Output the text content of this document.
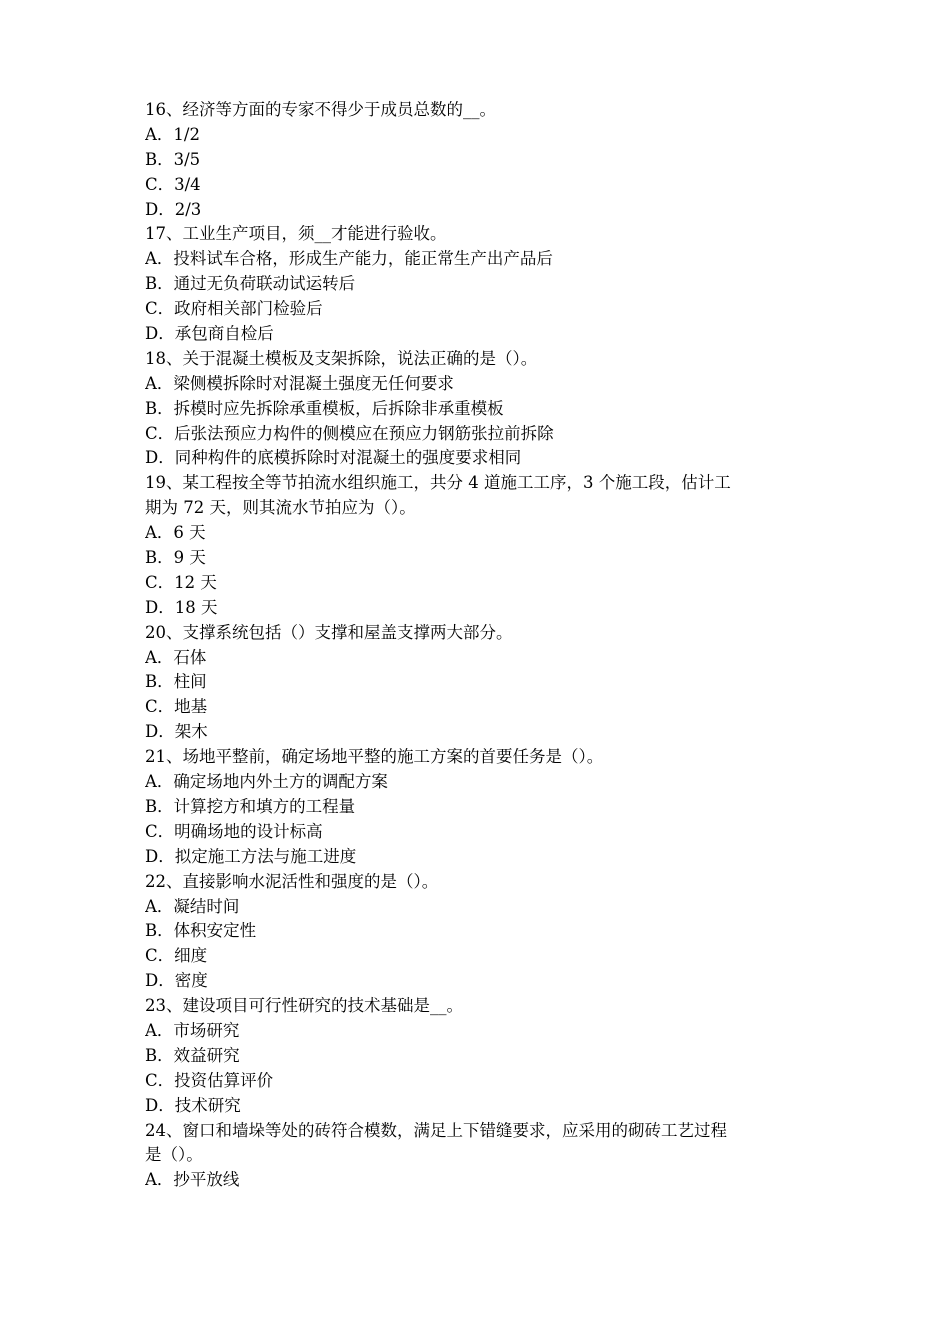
16、经济等方面的专家不得少于成员总数的__。
A．1/2
B．3/5
C．3/4
D．2/3
17、工业生产项目，须__才能进行验收。
A．投料试车合格，形成生产能力，能正常生产出产品后
B．通过无负荷联动试运转后
C．政府相关部门检验后
D．承包商自检后
18、关于混凝土模板及支架拆除，说法正确的是（）。
A．梁侧模拆除时对混凝土强度无任何要求
B．拆模时应先拆除承重模板，后拆除非承重模板
C．后张法预应力构件的侧模应在预应力钢筋张拉前拆除
D．同种构件的底模拆除时对混凝土的强度要求相同
19、某工程按全等节拍流水组织施工，共分 4 道施工工序，3 个施工段，估计工
期为 72 天，则其流水节拍应为（）。
A．6 天
B．9 天
C．12 天
D．18 天
20、支撑系统包括（）支撑和屋盖支撑两大部分。
A．石体
B．柱间
C．地基
D．架木
21、场地平整前，确定场地平整的施工方案的首要任务是（）。
A．确定场地内外土方的调配方案
B．计算挖方和填方的工程量
C．明确场地的设计标高
D．拟定施工方法与施工进度
22、直接影响水泥活性和强度的是（）。
A．凝结时间
B．体积安定性
C．细度
D．密度
23、建设项目可行性研究的技术基础是__。
A．市场研究
B．效益研究
C．投资估算评价
D．技术研究
24、窗口和墙垛等处的砖符合模数，满足上下错缝要求，应采用的砌砖工艺过程
是（）。
A．抄平放线
